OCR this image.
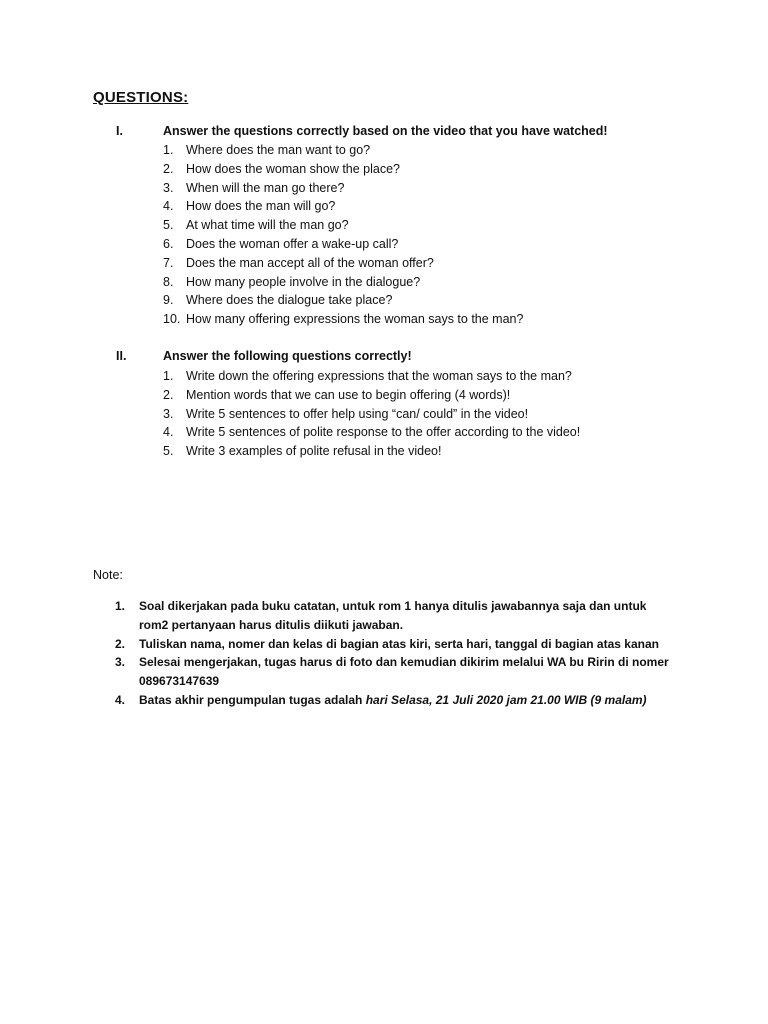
QUESTIONS:
I.	Answer the questions correctly based on the video that you have watched!
1.	Where does the man want to go?
2.	How does the woman show the place?
3.	When will the man go there?
4.	How does the man will go?
5.	At what time will the man go?
6.	Does the woman offer a wake-up call?
7.	Does the man accept all of the woman offer?
8.	How many people involve in the dialogue?
9.	Where does the dialogue take place?
10. How many offering expressions the woman says to the man?
II.	Answer the following questions correctly!
1.	Write down the offering expressions that the woman says to the man?
2.	Mention words that we can use to begin offering (4 words)!
3.	Write 5 sentences to offer help using “can/ could” in the video!
4.	Write 5 sentences of polite response to the offer according to the video!
5.	Write 3 examples of polite refusal in the video!
Note:
1. Soal dikerjakan pada buku catatan, untuk rom 1 hanya ditulis jawabannya saja dan untuk rom2 pertanyaan harus ditulis diikuti jawaban.
2. Tuliskan nama, nomer dan kelas di bagian atas kiri, serta hari, tanggal di bagian atas kanan
3. Selesai mengerjakan, tugas harus di foto dan kemudian dikirim melalui WA bu Ririn di nomer 089673147639
4. Batas akhir pengumpulan tugas adalah hari Selasa, 21 Juli 2020 jam 21.00 WIB (9 malam)
